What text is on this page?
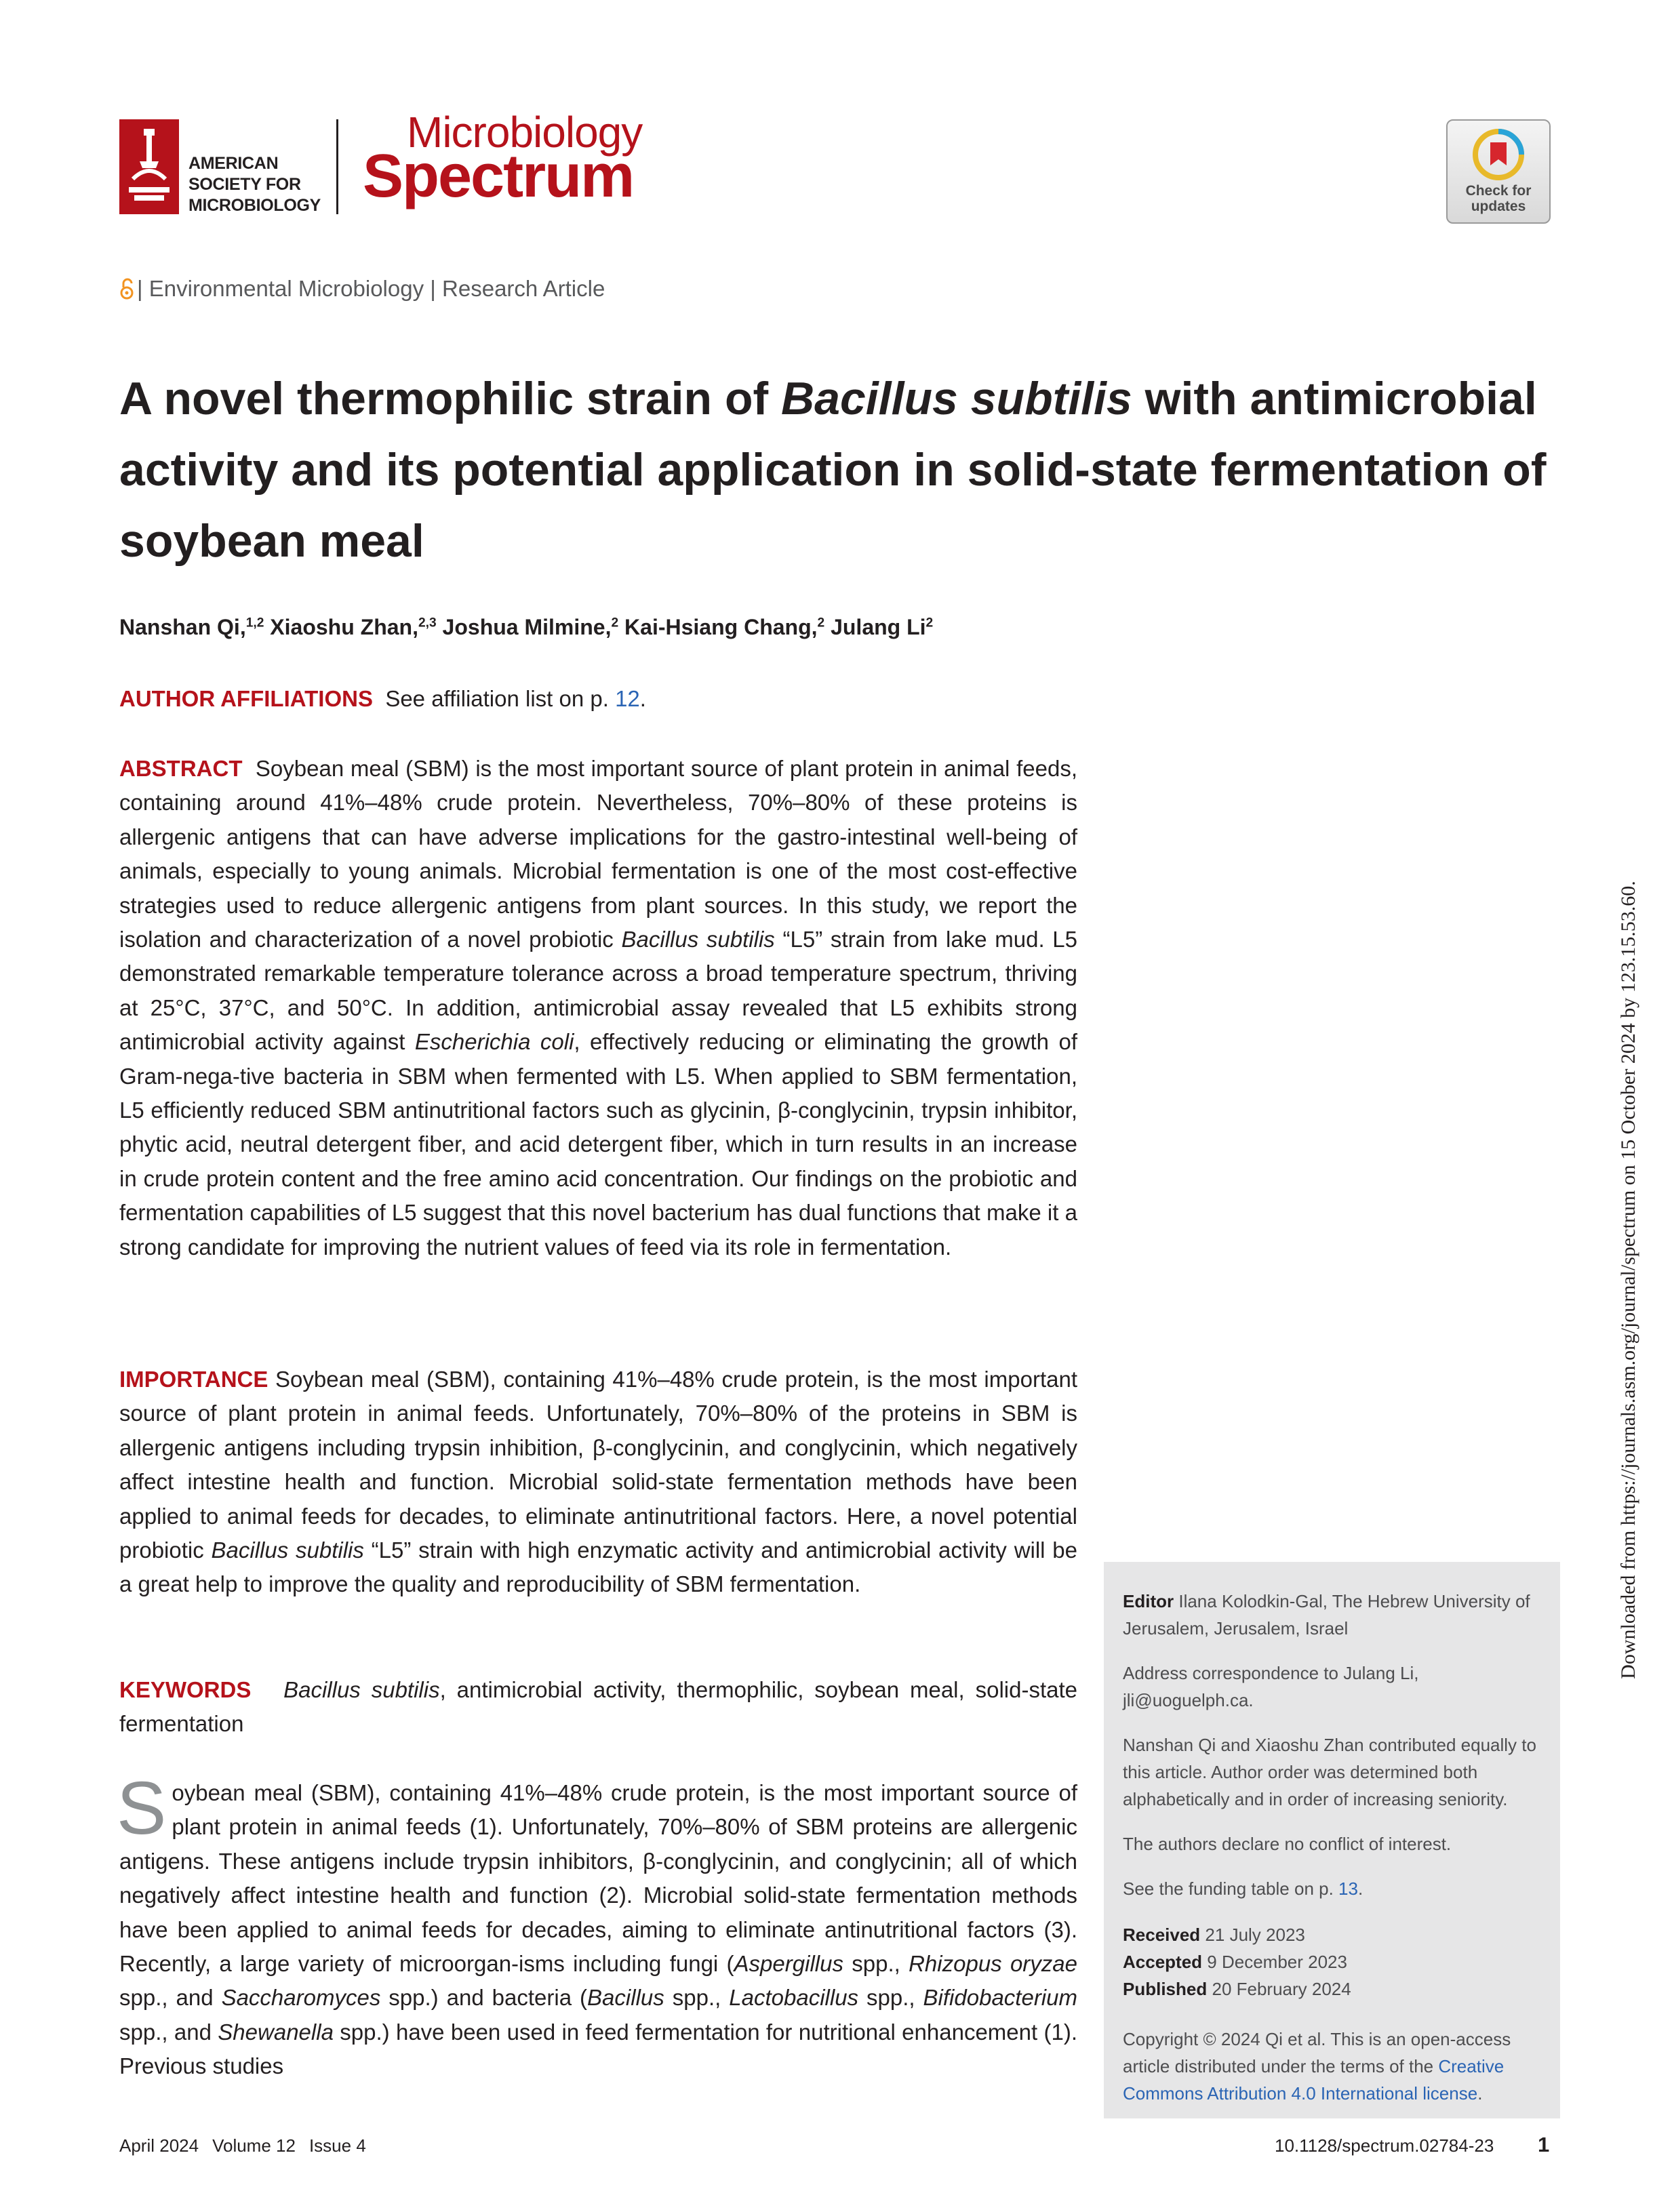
AMERICAN
SOCIETY FOR
MICROBIOLOGY
Microbiology
Spectrum	Check for
updates
| Environmental Microbiology | Research Article
A novel thermophilic strain of Bacillus subtilis with antimicrobial activity and its potential application in solid-state fermentation of soybean meal
Nanshan Qi,$^{1,2}$ Xiaoshu Zhan,$^{2,3}$ Joshua Milmine,$^2$ Kai-Hsiang Chang,$^2$ Julang Li$^2$
AUTHOR AFFILIATIONS See affiliation list on p. 12.

ABSTRACT Soybean meal (SBM) is the most important source of plant protein in animal feeds, containing around 41%–48% crude protein. Nevertheless, 70%–80% of these proteins is allergenic antigens that can have adverse implications for the gastro-intestinal well-being of animals, especially to young animals. Microbial fermentation is one of the most cost-effective strategies used to reduce allergenic antigens from plant sources. In this study, we report the isolation and characterization of a novel probiotic Bacillus subtilis “L5” strain from lake mud. L5 demonstrated remarkable temperature tolerance across a broad temperature spectrum, thriving at 25°C, 37°C, and 50°C. In addition, antimicrobial assay revealed that L5 exhibits strong antimicrobial activity against Escherichia coli, effectively reducing or eliminating the growth of Gram-nega-tive bacteria in SBM when fermented with L5. When applied to SBM fermentation, L5 efficiently reduced SBM antinutritional factors such as glycinin, β-conglycinin, trypsin inhibitor, phytic acid, neutral detergent fiber, and acid detergent fiber, which in turn results in an increase in crude protein content and the free amino acid concentration. Our findings on the probiotic and fermentation capabilities of L5 suggest that this novel bacterium has dual functions that make it a strong candidate for improving the nutrient values of feed via its role in fermentation.

IMPORTANCE Soybean meal (SBM), containing 41%–48% crude protein, is the most important source of plant protein in animal feeds. Unfortunately, 70%–80% of the proteins in SBM is allergenic antigens including trypsin inhibition, β-conglycinin, and conglycinin, which negatively affect intestine health and function. Microbial solid-state fermentation methods have been applied to animal feeds for decades, to eliminate antinutritional factors. Here, a novel potential probiotic Bacillus subtilis “L5” strain with high enzymatic activity and antimicrobial activity will be a great help to improve the quality and reproducibility of SBM fermentation.

KEYWORDS Bacillus subtilis, antimicrobial activity, thermophilic, soybean meal, solid-state fermentation

Soybean meal (SBM), containing 41%–48% crude protein, is the most important source of plant protein in animal feeds (1). Unfortunately, 70%–80% of SBM proteins are allergenic antigens. These antigens include trypsin inhibitors, β-conglycinin, and conglycinin; all of which negatively affect intestine health and function (2). Microbial solid-state fermentation methods have been applied to animal feeds for decades, aiming to eliminate antinutritional factors (3). Recently, a large variety of microorgan-isms including fungi (Aspergillus spp., Rhizopus oryzae spp., and Saccharomyces spp.) and bacteria (Bacillus spp., Lactobacillus spp., Bifidobacterium spp., and Shewanella spp.) have been used in feed fermentation for nutritional enhancement (1). Previous studies

Editor Ilana Kolodkin-Gal, The Hebrew University of Jerusalem, Jerusalem, Israel

Address correspondence to Julang Li, jli@uoguelph.ca.

Nanshan Qi and Xiaoshu Zhan contributed equally to this article. Author order was determined both alphabetically and in order of increasing seniority.

The authors declare no conflict of interest.

See the funding table on p. 13.

Received 21 July 2023
Accepted 9 December 2023
Published 20 February 2024

Copyright © 2024 Qi et al. This is an open-access article distributed under the terms of the Creative Commons Attribution 4.0 International license.

April 2024 Volume 12 Issue 4	10.1128/spectrum.02784-23 1
Downloaded from https://journals.asm.org/journal/spectrum on 15 October 2024 by 123.15.53.60.
